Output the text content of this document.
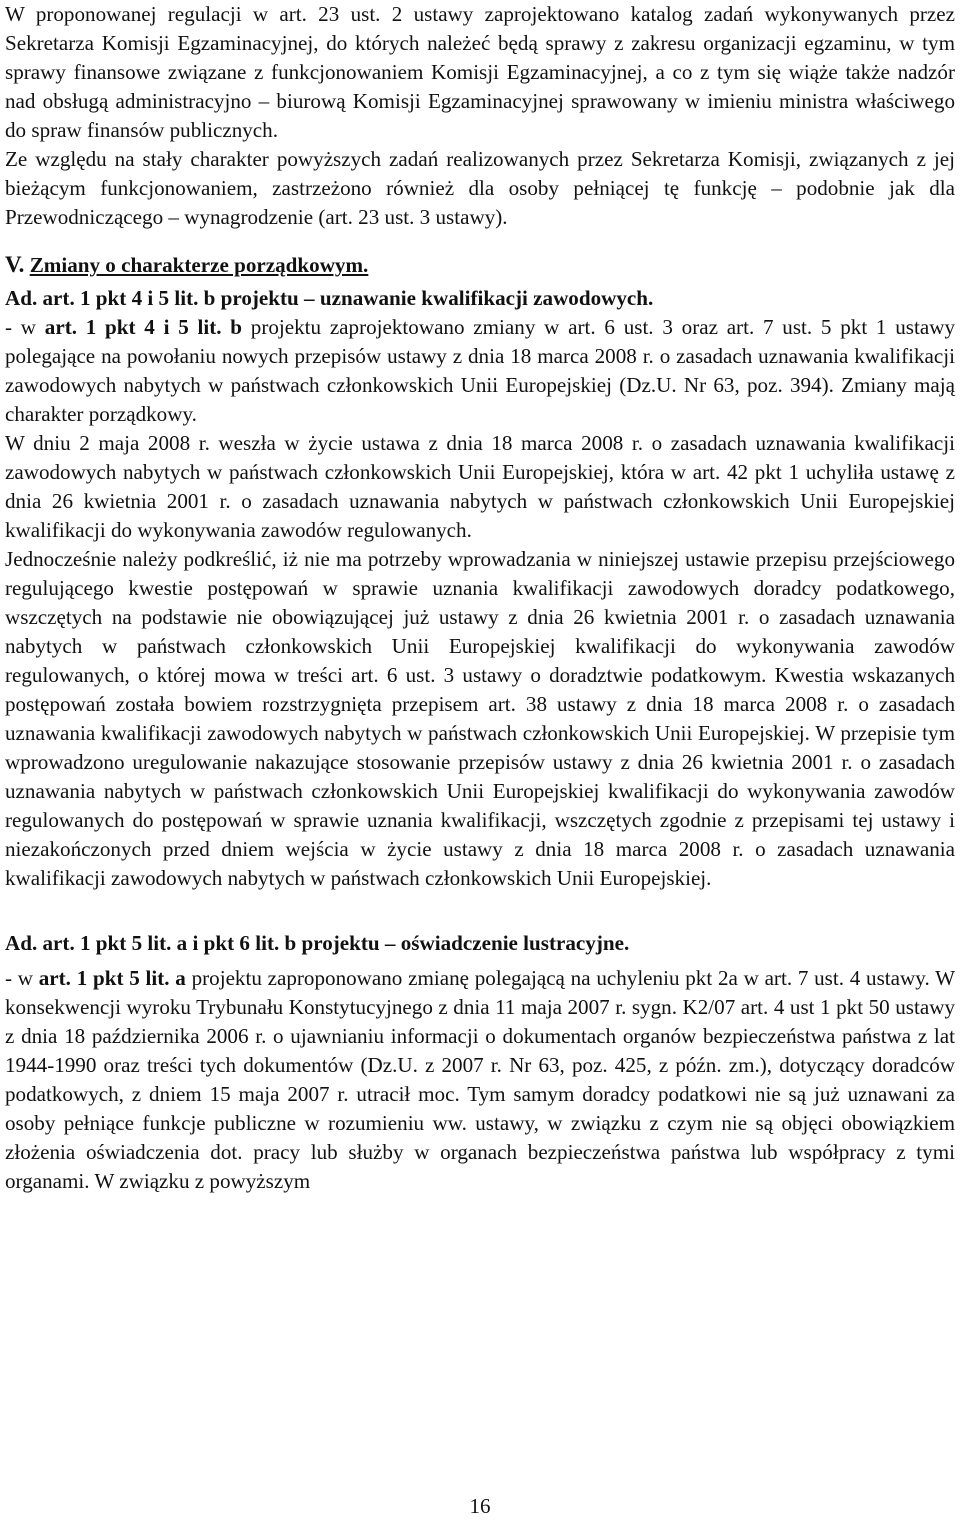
W proponowanej regulacji w art. 23 ust. 2 ustawy zaprojektowano katalog zadań wykonywanych przez Sekretarza Komisji Egzaminacyjnej, do których należeć będą sprawy z zakresu organizacji egzaminu, w tym sprawy finansowe związane z funkcjonowaniem Komisji Egzaminacyjnej, a co z tym się wiąże także nadzór nad obsługą administracyjno – biurową Komisji Egzaminacyjnej sprawowany w imieniu ministra właściwego do spraw finansów publicznych.

Ze względu na stały charakter powyższych zadań realizowanych przez Sekretarza Komisji, związanych z jej bieżącym funkcjonowaniem, zastrzeżono również dla osoby pełniącej tę funkcję – podobnie jak dla Przewodniczącego – wynagrodzenie (art. 23 ust. 3 ustawy).

V. Zmiany o charakterze porządkowym.

Ad. art. 1 pkt 4 i 5 lit. b projektu – uznawanie kwalifikacji zawodowych.

- w art. 1 pkt 4 i 5 lit. b projektu zaprojektowano zmiany w art. 6 ust. 3 oraz art. 7 ust. 5 pkt 1 ustawy polegające na powołaniu nowych przepisów ustawy z dnia 18 marca 2008 r. o zasadach uznawania kwalifikacji zawodowych nabytych w państwach członkowskich Unii Europejskiej (Dz.U. Nr 63, poz. 394). Zmiany mają charakter porządkowy.

W dniu 2 maja 2008 r. weszła w życie ustawa z dnia 18 marca 2008 r. o zasadach uznawania kwalifikacji zawodowych nabytych w państwach członkowskich Unii Europejskiej, która w art. 42 pkt 1 uchyliła ustawę z dnia 26 kwietnia 2001 r. o zasadach uznawania nabytych w państwach członkowskich Unii Europejskiej kwalifikacji do wykonywania zawodów regulowanych.

Jednocześnie należy podkreślić, iż nie ma potrzeby wprowadzania w niniejszej ustawie przepisu przejściowego regulującego kwestie postępowań w sprawie uznania kwalifikacji zawodowych doradcy podatkowego, wszczętych na podstawie nie obowiązującej już ustawy z dnia 26 kwietnia 2001 r. o zasadach uznawania nabytych w państwach członkowskich Unii Europejskiej kwalifikacji do wykonywania zawodów regulowanych, o której mowa w treści art. 6 ust. 3 ustawy o doradztwie podatkowym. Kwestia wskazanych postępowań została bowiem rozstrzygnięta przepisem art. 38 ustawy z dnia 18 marca 2008 r. o zasadach uznawania kwalifikacji zawodowych nabytych w państwach członkowskich Unii Europejskiej. W przepisie tym wprowadzono uregulowanie nakazujące stosowanie przepisów ustawy z dnia 26 kwietnia 2001 r. o zasadach uznawania nabytych w państwach członkowskich Unii Europejskiej kwalifikacji do wykonywania zawodów regulowanych do postępowań w sprawie uznania kwalifikacji, wszczętych zgodnie z przepisami tej ustawy i niezakończonych przed dniem wejścia w życie ustawy z dnia 18 marca 2008 r. o zasadach uznawania kwalifikacji zawodowych nabytych w państwach członkowskich Unii Europejskiej.

Ad. art. 1 pkt 5 lit. a i pkt 6 lit. b projektu – oświadczenie lustracyjne.

- w art. 1 pkt 5 lit. a projektu zaproponowano zmianę polegającą na uchyleniu pkt 2a w art. 7 ust. 4 ustawy. W konsekwencji wyroku Trybunału Konstytucyjnego z dnia 11 maja 2007 r. sygn. K2/07 art. 4 ust 1 pkt 50 ustawy z dnia 18 października 2006 r. o ujawnianiu informacji o dokumentach organów bezpieczeństwa państwa z lat 1944-1990 oraz treści tych dokumentów (Dz.U. z 2007 r. Nr 63, poz. 425, z późn. zm.), dotyczący doradców podatkowych, z dniem 15 maja 2007 r. utracił moc. Tym samym doradcy podatkowi nie są już uznawani za osoby pełniące funkcje publiczne w rozumieniu ww. ustawy, w związku z czym nie są objęci obowiązkiem złożenia oświadczenia dot. pracy lub służby w organach bezpieczeństwa państwa lub współpracy z tymi organami. W związku z powyższym

16
